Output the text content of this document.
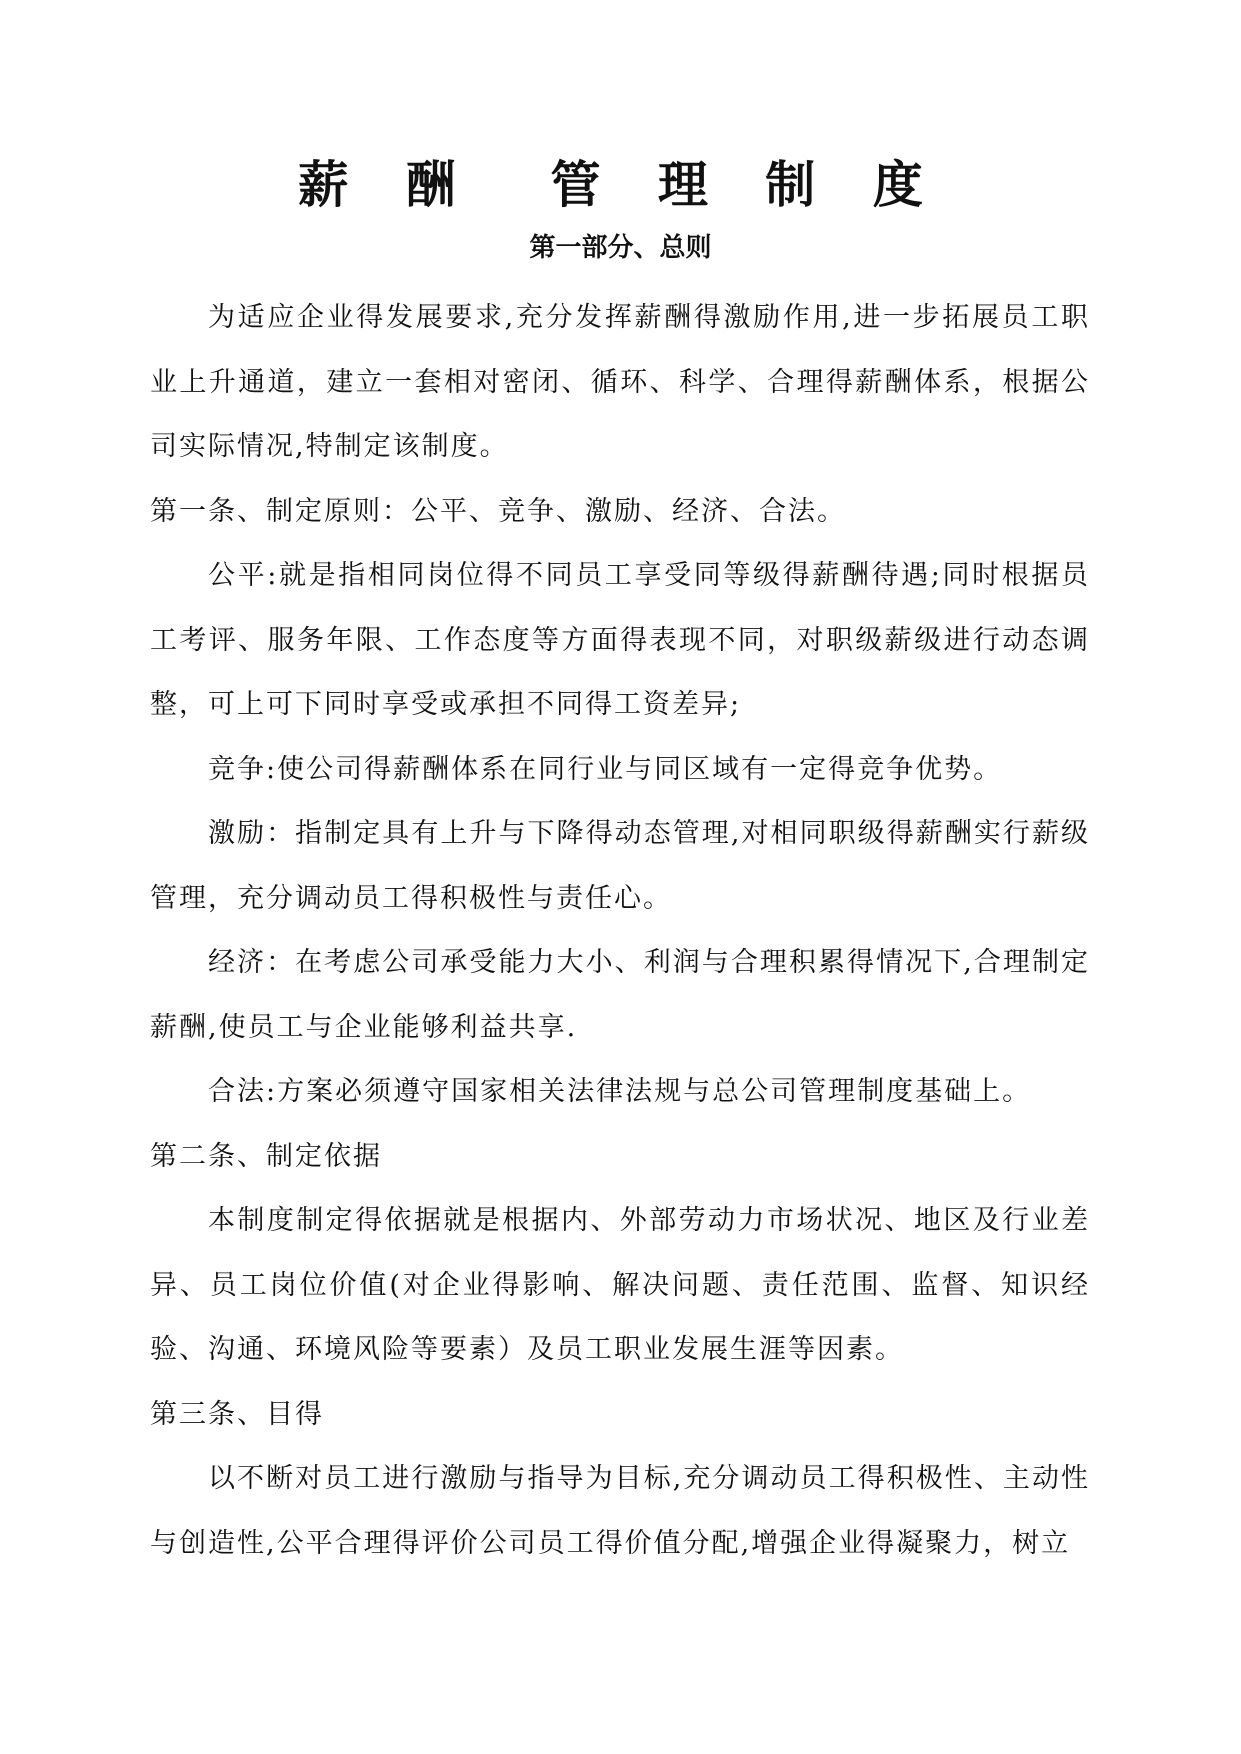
薪 酬  管 理 制 度
第一部分、总则

为适应企业得发展要求,充分发挥薪酬得激励作用,进一步拓展员工职业上升通道，建立一套相对密闭、循环、科学、合理得薪酬体系，根据公司实际情况,特制定该制度。

第一条、制定原则：公平、竞争、激励、经济、合法。

公平:就是指相同岗位得不同员工享受同等级得薪酬待遇;同时根据员工考评、服务年限、工作态度等方面得表现不同，对职级薪级进行动态调整，可上可下同时享受或承担不同得工资差异;

竞争:使公司得薪酬体系在同行业与同区域有一定得竞争优势。

激励：指制定具有上升与下降得动态管理,对相同职级得薪酬实行薪级管理，充分调动员工得积极性与责任心。

经济：在考虑公司承受能力大小、利润与合理积累得情况下,合理制定薪酬,使员工与企业能够利益共享.

合法:方案必须遵守国家相关法律法规与总公司管理制度基础上。

第二条、制定依据

本制度制定得依据就是根据内、外部劳动力市场状况、地区及行业差异、员工岗位价值(对企业得影响、解决问题、责任范围、监督、知识经验、沟通、环境风险等要素）及员工职业发展生涯等因素。

第三条、目得

以不断对员工进行激励与指导为目标,充分调动员工得积极性、主动性与创造性,公平合理得评价公司员工得价值分配,增强企业得凝聚力，树立
